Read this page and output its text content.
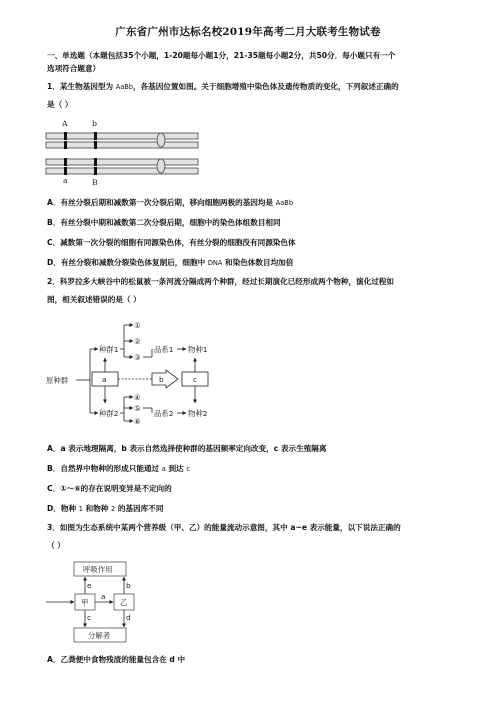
广东省广州市达标名校2019年高考二月大联考生物试卷
一、单选题（本题包括35个小题，1-20题每小题1分，21-35题每小题2分，共50分．每小题只有一个
选项符合题意）
1．某生物基因型为 AaBb，各基因位置如图。关于细胞增殖中染色体及遗传物质的变化，下列叙述正确的
是（ ）
A	b
a	B
A．有丝分裂后期和减数第一次分裂后期，移向细胞两极的基因均是 AaBb
B．有丝分裂中期和减数第二次分裂后期，细胞中的染色体组数目相同
C．减数第一次分裂的细胞有同源染色体，有丝分裂的细胞没有同源染色体
D．有丝分裂和减数分裂染色体复制后，细胞中 DNA 和染色体数目均加倍
2．科罗拉多大峡谷中的松鼠被一条河流分隔成两个种群，经过长期演化已经形成两个物种，演化过程如
图，相关叙述错误的是（ ）
原种群
种群1
种群2
a	b	c
①
②
③
品系1 物种1
④
⑤
⑥
品系2 物种2
A．a 表示地理隔离，b 表示自然选择使种群的基因频率定向改变，c 表示生殖隔离
B．自然界中物种的形成只能通过 a 到达 c
C．①～⑥的存在说明变异是不定向的
D．物种 1 和物种 2 的基因库不同
3．如图为生态系统中某两个营养级（甲、乙）的能量流动示意图，其中 a~e 表示能量，以下说法正确的
（ ）
呼吸作用
甲
a
乙
e	b
c	d
分解者
A．乙粪便中食物残渣的能量包含在 d 中
